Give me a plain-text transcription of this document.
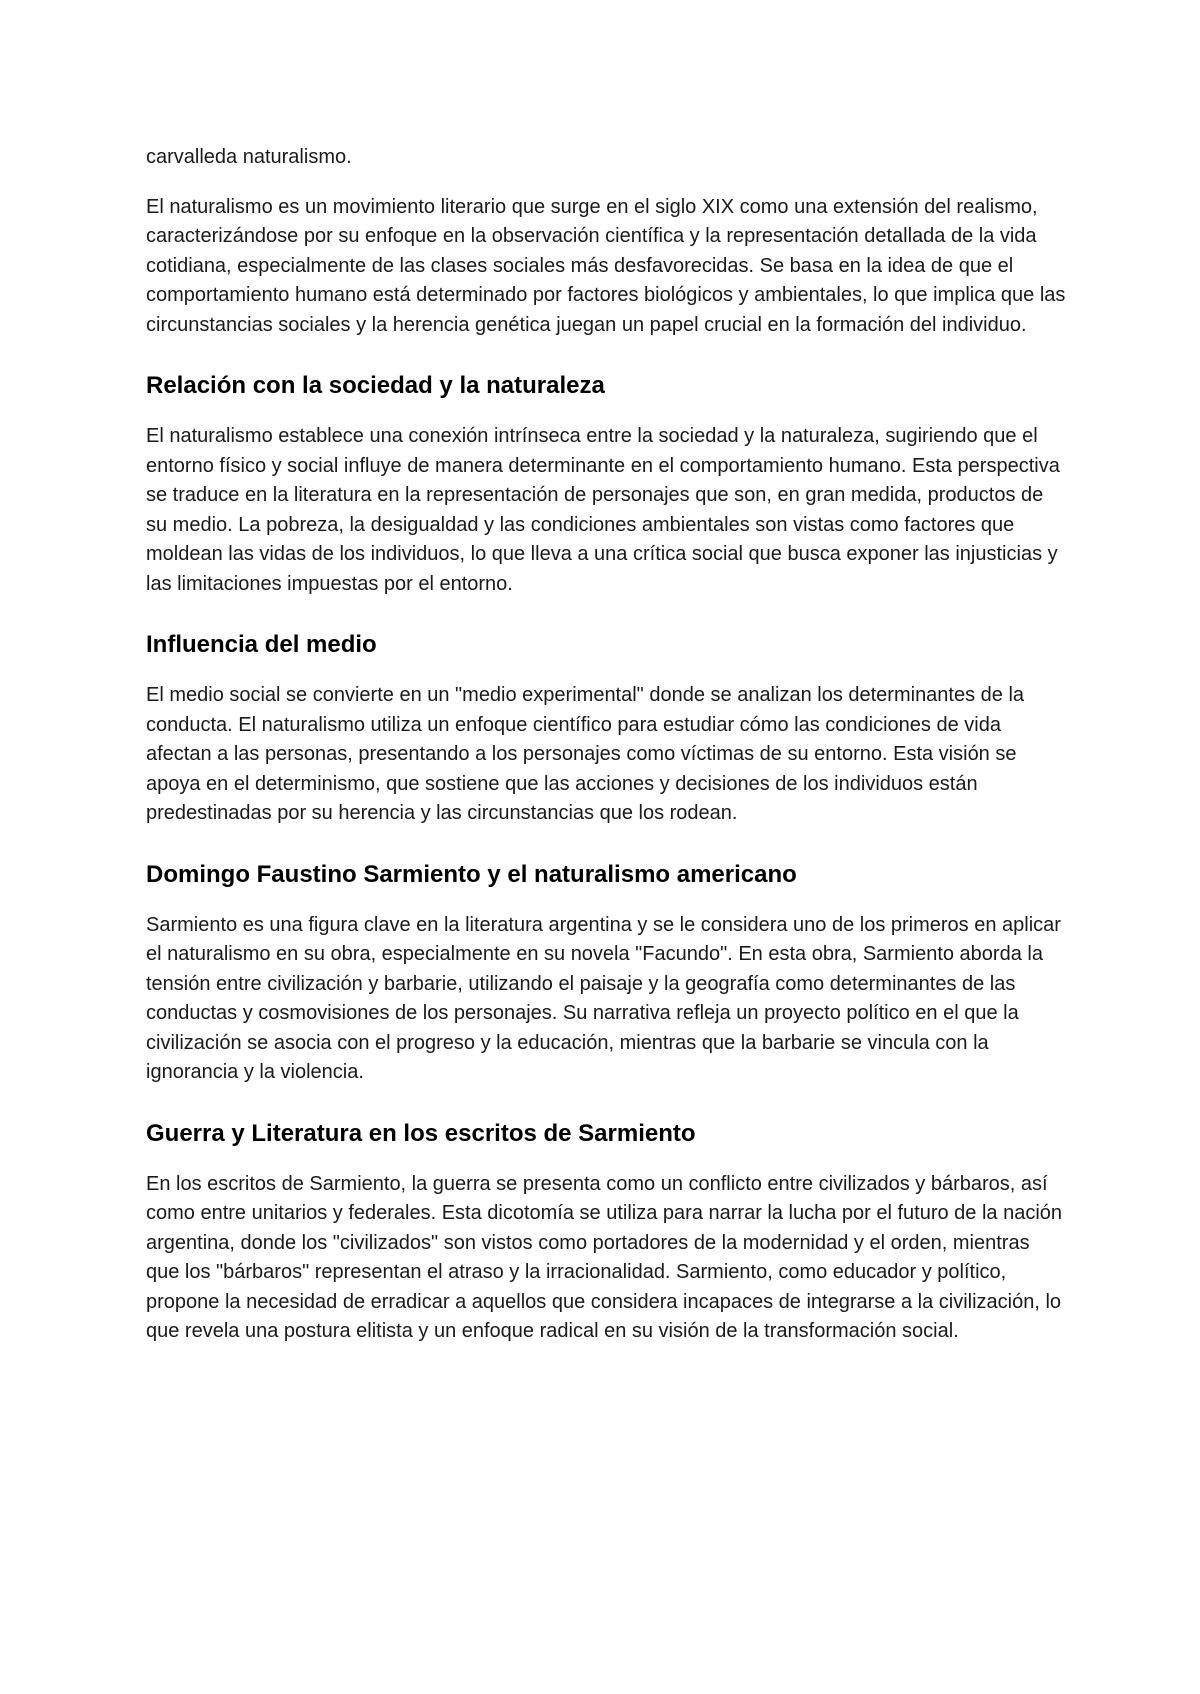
carvalleda naturalismo.

El naturalismo es un movimiento literario que surge en el siglo XIX como una extensión del realismo, caracterizándose por su enfoque en la observación científica y la representación detallada de la vida cotidiana, especialmente de las clases sociales más desfavorecidas. Se basa en la idea de que el comportamiento humano está determinado por factores biológicos y ambientales, lo que implica que las circunstancias sociales y la herencia genética juegan un papel crucial en la formación del individuo.

Relación con la sociedad y la naturaleza

El naturalismo establece una conexión intrínseca entre la sociedad y la naturaleza, sugiriendo que el entorno físico y social influye de manera determinante en el comportamiento humano. Esta perspectiva se traduce en la literatura en la representación de personajes que son, en gran medida, productos de su medio. La pobreza, la desigualdad y las condiciones ambientales son vistas como factores que moldean las vidas de los individuos, lo que lleva a una crítica social que busca exponer las injusticias y las limitaciones impuestas por el entorno.

Influencia del medio

El medio social se convierte en un "medio experimental" donde se analizan los determinantes de la conducta. El naturalismo utiliza un enfoque científico para estudiar cómo las condiciones de vida afectan a las personas, presentando a los personajes como víctimas de su entorno. Esta visión se apoya en el determinismo, que sostiene que las acciones y decisiones de los individuos están predestinadas por su herencia y las circunstancias que los rodean.

Domingo Faustino Sarmiento y el naturalismo americano

Sarmiento es una figura clave en la literatura argentina y se le considera uno de los primeros en aplicar el naturalismo en su obra, especialmente en su novela "Facundo". En esta obra, Sarmiento aborda la tensión entre civilización y barbarie, utilizando el paisaje y la geografía como determinantes de las conductas y cosmovisiones de los personajes. Su narrativa refleja un proyecto político en el que la civilización se asocia con el progreso y la educación, mientras que la barbarie se vincula con la ignorancia y la violencia.

Guerra y Literatura en los escritos de Sarmiento

En los escritos de Sarmiento, la guerra se presenta como un conflicto entre civilizados y bárbaros, así como entre unitarios y federales. Esta dicotomía se utiliza para narrar la lucha por el futuro de la nación argentina, donde los "civilizados" son vistos como portadores de la modernidad y el orden, mientras que los "bárbaros" representan el atraso y la irracionalidad. Sarmiento, como educador y político, propone la necesidad de erradicar a aquellos que considera incapaces de integrarse a la civilización, lo que revela una postura elitista y un enfoque radical en su visión de la transformación social.
